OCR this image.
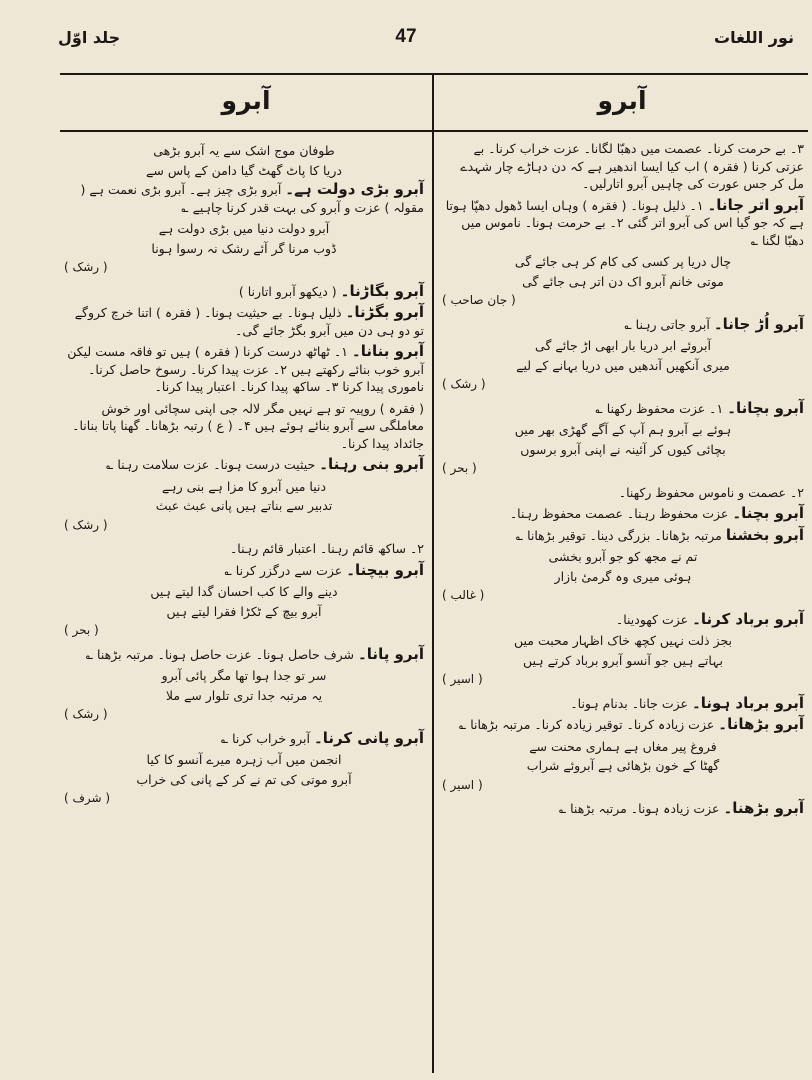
نور اللغات
47
جلد اوّل
آبرو
آبرو

۳۔ بے حرمت کرنا۔ عصمت میں دھبّا لگانا۔ عزت خراب کرنا۔ بے عزتی کرنا ( فقرہ ) اب کیا ایسا اندھیر ہے کہ دن دہاڑے چار شہدے مل کر جس عورت کی چاہیں آبرو اتارلیں۔

آبرو اتر جانا۔ ۱۔ ذلیل ہونا۔ ( فقرہ ) وہاں ایسا ڈھول دھپّا ہوتا ہے کہ جو گیا اس کی آبرو اتر گئی ۲۔ بے حرمت ہونا۔ ناموس میں دھبّا لگنا ؎

چال دریا پر کسی کی کام کر ہی جائے گی

موتی خانم آبرو اک دن اتر ہی جائے گی

( جان صاحب )

آبرو اُڑ جانا۔ آبرو جاتی رہنا ؎

آبروئے ابر دریا بار ابھی اڑ جائے گی

میری آنکھیں آندھیں میں دریا بہانے کے لیے

( رشک )

آبرو بچانا۔ ۱۔ عزت محفوظ رکھنا ؎

ہوئے بے آبرو ہم آپ کے آگے گھڑی بھر میں

بچائی کیوں کر آئینہ نے اپنی آبرو برسوں

( بحر )

۲۔ عصمت و ناموس محفوظ رکھنا۔

آبرو بچنا۔ عزت محفوظ رہنا۔ عصمت محفوظ رہنا۔

آبرو بخشنا مرتبہ بڑھانا۔ بزرگی دینا۔ توقیر بڑھانا ؎

تم نے مجھ کو جو آبرو بخشی

ہوئی میری وہ گرمیٔ بازار

( غالب )

آبرو برباد کرنا۔ عزت کھودینا۔

بجز ذلت نہیں کچھ خاک اظہار محبت میں

بہاتے ہیں جو آنسو آبرو برباد کرتے ہیں

( اسیر )

آبرو برباد ہونا۔ عزت جانا۔ بدنام ہونا۔

آبرو بڑھانا۔ عزت زیادہ کرنا۔ توقیر زیادہ کرنا۔ مرتبہ بڑھانا ؎

فروغ پیر مغاں ہے ہماری محنت سے

گھٹا کے خون بڑھائی ہے آبروئے شراب

( اسیر )

آبرو بڑھنا۔ عزت زیادہ ہونا۔ مرتبہ بڑھنا ؎

طوفان موج اشک سے یہ آبرو بڑھی

دریا کا پاٹ گھٹ گیا دامن کے پاس سے

آبرو بڑی دولت ہے۔ آبرو بڑی چیز ہے۔ آبرو بڑی نعمت ہے ( مقولہ ) عزت و آبرو کی بہت قدر کرنا چاہیے ؎

آبرو دولت دنیا میں بڑی دولت ہے

ڈوب مرنا گر آئے رشک نہ رسوا ہونا

( رشک )

آبرو بگاڑنا۔ ( دیکھو آبرو اتارنا )

آبرو بگڑنا۔ ذلیل ہونا۔ بے حیثیت ہونا۔ ( فقرہ ) اتنا خرچ کروگے تو دو ہی دن میں آبرو بگڑ جائے گی۔

آبرو بنانا۔ ۱۔ ٹھاٹھ درست کرنا ( فقرہ ) ہیں تو فاقہ مست لیکن آبرو خوب بنائے رکھتے ہیں ۲۔ عزت پیدا کرنا۔ رسوخ حاصل کرنا۔ ناموری پیدا کرنا ۳۔ ساکھ پیدا کرنا۔ اعتبار پیدا کرنا۔

( فقرہ ) روپیہ تو ہے نہیں مگر لالہ جی اپنی سچائی اور خوش معاملگی سے آبرو بنائے ہوئے ہیں ۴۔ ( ع ) رتبہ بڑھانا۔ گھنا پاتا بنانا۔ جائداد پیدا کرنا۔

آبرو بنی رہنا۔ حیثیت درست ہونا۔ عزت سلامت رہنا ؎

دنیا میں آبرو کا مزا ہے بنی رہے

تدبیر سے بناتے ہیں پانی عبث عبث

( رشک )

۲۔ ساکھ قائم رہنا۔ اعتبار قائم رہنا۔

آبرو بیچنا۔ عزت سے درگزر کرنا ؎

دینے والے کا کب احسان گدا لیتے ہیں

آبرو بیچ کے ٹکڑا فقرا لیتے ہیں

( بحر )

آبرو پانا۔ شرف حاصل ہونا۔ عزت حاصل ہونا۔ مرتبہ بڑھنا ؎

سر تو جدا ہوا تھا مگر پائی آبرو

یہ مرتبہ جدا تری تلوار سے ملا

( رشک )

آبرو پانی کرنا۔ آبرو خراب کرنا ؎

انجمن میں آب زہرہ میرے آنسو کا کیا

آبرو موتی کی تم نے کر کے پانی کی خراب

( شرف )
